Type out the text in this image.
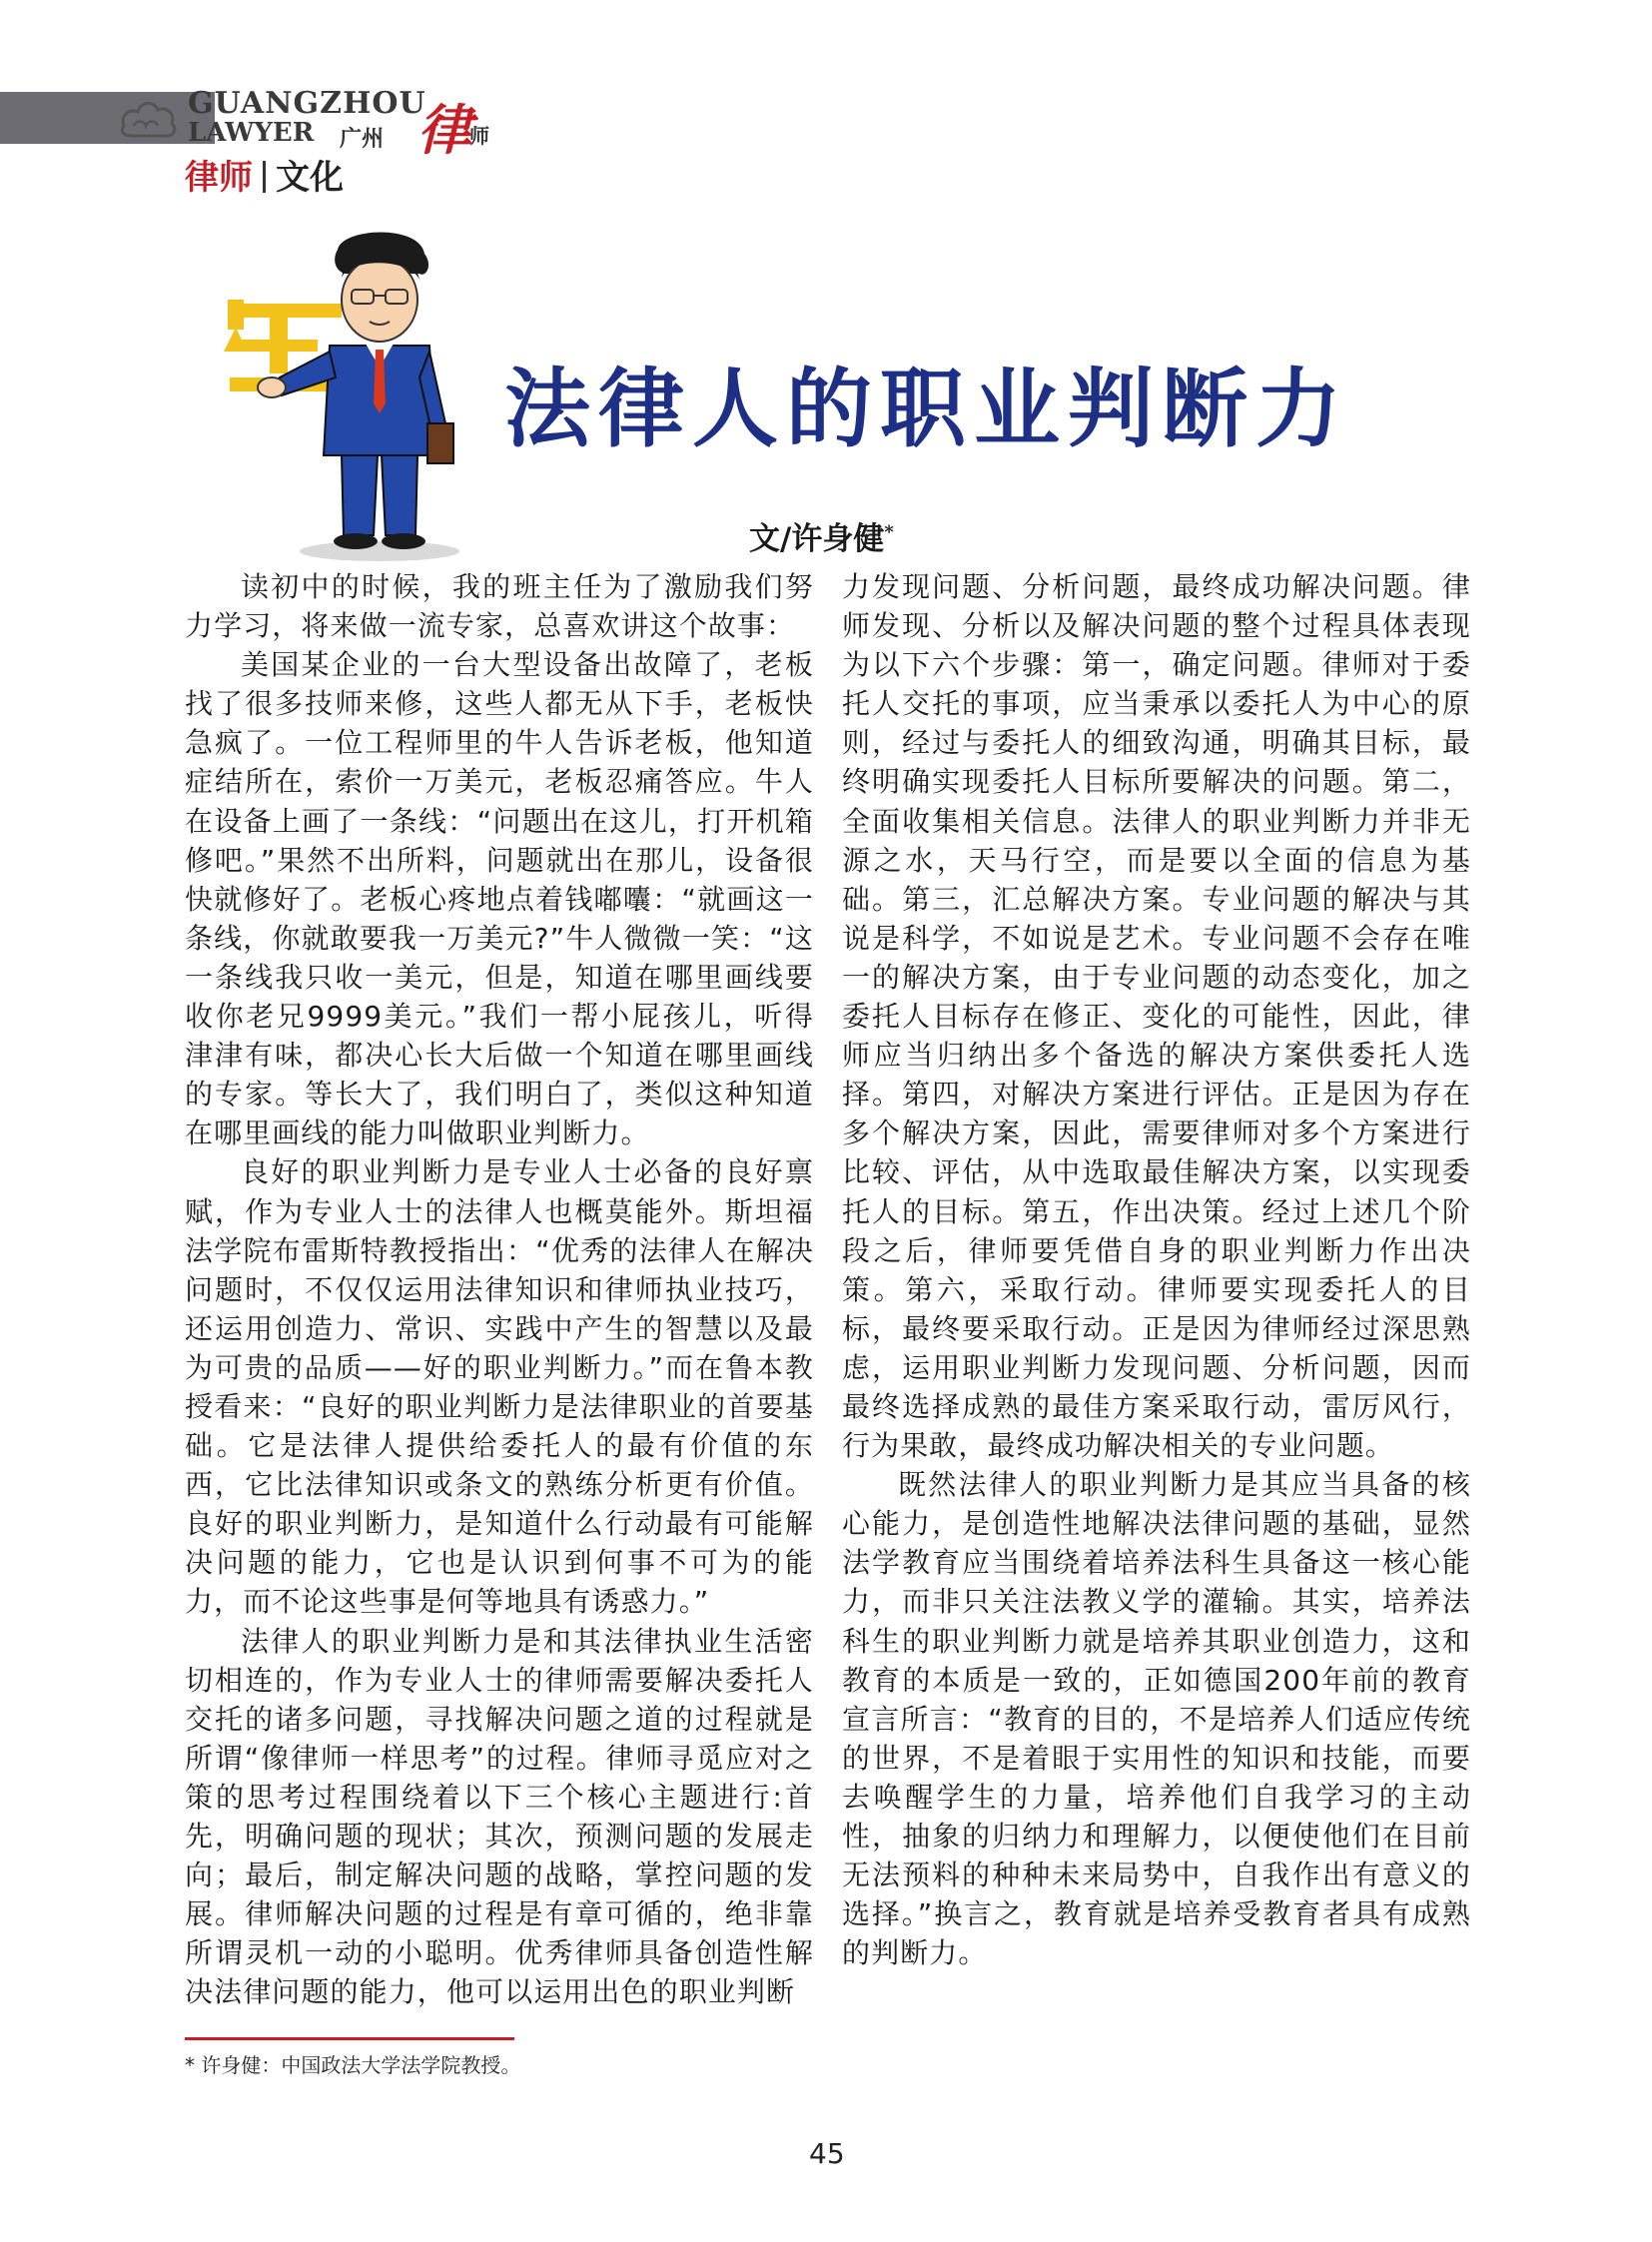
GUANGZHOU
LAWYER 广州 律
师
律师 文化
法律人的职业判断力
文/许身健*

读初中的时候，我的班主任为了激励我们努力学习，将来做一流专家，总喜欢讲这个故事：

美国某企业的一台大型设备出故障了，老板找了很多技师来修，这些人都无从下手，老板快急疯了。一位工程师里的牛人告诉老板，他知道症结所在，索价一万美元，老板忍痛答应。牛人在设备上画了一条线：“问题出在这儿，打开机箱修吧。”果然不出所料，问题就出在那儿，设备很快就修好了。老板心疼地点着钱嘟囔：“就画这一条线，你就敢要我一万美元?”牛人微微一笑：“这一条线我只收一美元，但是，知道在哪里画线要收你老兄9999美元。”我们一帮小屁孩儿，听得津津有味，都决心长大后做一个知道在哪里画线的专家。等长大了，我们明白了，类似这种知道在哪里画线的能力叫做职业判断力。

良好的职业判断力是专业人士必备的良好禀赋，作为专业人士的法律人也概莫能外。斯坦福法学院布雷斯特教授指出：“优秀的法律人在解决问题时，不仅仅运用法律知识和律师执业技巧，还运用创造力、常识、实践中产生的智慧以及最为可贵的品质——好的职业判断力。”而在鲁本教授看来：“良好的职业判断力是法律职业的首要基础。它是法律人提供给委托人的最有价值的东西，它比法律知识或条文的熟练分析更有价值。良好的职业判断力，是知道什么行动最有可能解决问题的能力，它也是认识到何事不可为的能力，而不论这些事是何等地具有诱惑力。”

法律人的职业判断力是和其法律执业生活密切相连的，作为专业人士的律师需要解决委托人交托的诸多问题，寻找解决问题之道的过程就是所谓“像律师一样思考”的过程。律师寻觅应对之策的思考过程围绕着以下三个核心主题进行:首先，明确问题的现状；其次，预测问题的发展走向；最后，制定解决问题的战略，掌控问题的发展。律师解决问题的过程是有章可循的，绝非靠所谓灵机一动的小聪明。优秀律师具备创造性解决法律问题的能力，他可以运用出色的职业判断

力发现问题、分析问题，最终成功解决问题。律师发现、分析以及解决问题的整个过程具体表现为以下六个步骤：第一，确定问题。律师对于委托人交托的事项，应当秉承以委托人为中心的原则，经过与委托人的细致沟通，明确其目标，最终明确实现委托人目标所要解决的问题。第二，全面收集相关信息。法律人的职业判断力并非无源之水，天马行空，而是要以全面的信息为基础。第三，汇总解决方案。专业问题的解决与其说是科学，不如说是艺术。专业问题不会存在唯一的解决方案，由于专业问题的动态变化，加之委托人目标存在修正、变化的可能性，因此，律师应当归纳出多个备选的解决方案供委托人选择。第四，对解决方案进行评估。正是因为存在多个解决方案，因此，需要律师对多个方案进行比较、评估，从中选取最佳解决方案，以实现委托人的目标。第五，作出决策。经过上述几个阶段之后，律师要凭借自身的职业判断力作出决策。第六，采取行动。律师要实现委托人的目标，最终要采取行动。正是因为律师经过深思熟虑，运用职业判断力发现问题、分析问题，因而最终选择成熟的最佳方案采取行动，雷厉风行，行为果敢，最终成功解决相关的专业问题。

既然法律人的职业判断力是其应当具备的核心能力，是创造性地解决法律问题的基础，显然法学教育应当围绕着培养法科生具备这一核心能力，而非只关注法教义学的灌输。其实，培养法科生的职业判断力就是培养其职业创造力，这和教育的本质是一致的，正如德国200年前的教育宣言所言：“教育的目的，不是培养人们适应传统的世界，不是着眼于实用性的知识和技能，而要去唤醒学生的力量，培养他们自我学习的主动性，抽象的归纳力和理解力，以便使他们在目前无法预料的种种未来局势中，自我作出有意义的选择。”换言之，教育就是培养受教育者具有成熟的判断力。

* 许身健：中国政法大学法学院教授。
45
